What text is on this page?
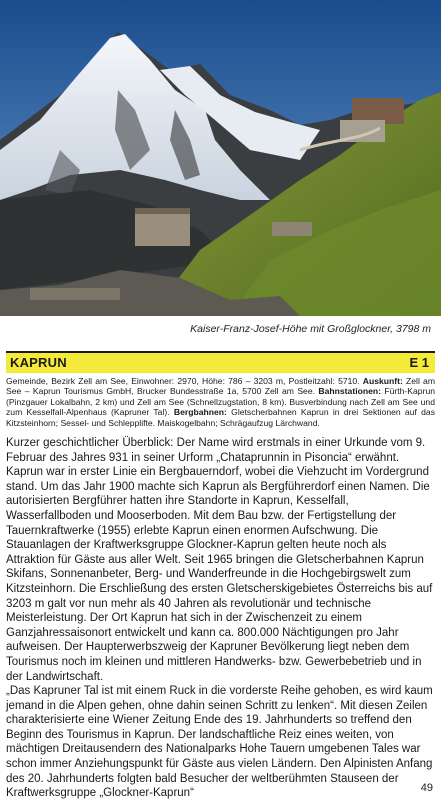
Kaiser-Franz-Josef-Höhe mit Großglockner, 3798 m
KAPRUN	E 1
Gemeinde, Bezirk Zell am See, Einwohner: 2970, Höhe: 786 – 3203 m, Postleitzahl: 5710. Auskunft: Zell am See – Kaprun Tourismus GmbH, Brucker Bundesstraße 1a, 5700 Zell am See. Bahnstationen: Fürth-Kaprun (Pinzgauer Lokalbahn, 2 km) und Zell am See (Schnellzugstation, 8 km). Busverbindung nach Zell am See und zum Kesselfall-Alpenhaus (Kapruner Tal). Bergbahnen: Gletscherbahnen Kaprun in drei Sektionen auf das Kitzsteinhorn; Sessel- und Schlepplifte. Maiskogelbahn; Schrägaufzug Lärchwand.

Kurzer geschichtlicher Überblick: Der Name wird erstmals in einer Urkunde vom 9. Februar des Jahres 931 in seiner Urform „Chataprunnin in Pisoncia“ erwähnt. Kaprun war in erster Linie ein Bergbauerndorf, wobei die Viehzucht im Vordergrund stand. Um das Jahr 1900 machte sich Kaprun als Bergführerdorf einen Namen. Die autorisierten Bergführer hatten ihre Standorte in Kaprun, Kesselfall, Wasserfallboden und Mooserboden. Mit dem Bau bzw. der Fertigstellung der Tauernkraftwerke (1955) erlebte Kaprun einen enormen Aufschwung. Die Stauanlagen der Kraftwerksgruppe Glockner-Kaprun gelten heute noch als Attraktion für Gäste aus aller Welt. Seit 1965 bringen die Gletscherbahnen Kaprun Skifans, Sonnenanbeter, Berg- und Wanderfreunde in die Hochgebirgswelt zum Kitzsteinhorn. Die Erschließung des ersten Gletscherskigebietes Österreichs bis auf 3203 m galt vor nun mehr als 40 Jahren als revolutionär und technische Meisterleistung. Der Ort Kaprun hat sich in der Zwischenzeit zu einem Ganzjahressaisonort entwickelt und kann ca. 800.000 Nächtigungen pro Jahr aufweisen. Der Haupterwerbszweig der Kapruner Bevölkerung liegt neben dem Tourismus noch im kleinen und mittleren Handwerks- bzw. Gewerbebetrieb und in der Landwirtschaft.

„Das Kapruner Tal ist mit einem Ruck in die vorderste Reihe gehoben, es wird kaum jemand in die Alpen gehen, ohne dahin seinen Schritt zu lenken“. Mit diesen Zeilen charakterisierte eine Wiener Zeitung Ende des 19. Jahrhunderts so treffend den Beginn des Tourismus in Kaprun. Der landschaftliche Reiz eines weiten, von mächtigen Dreitausendern des Nationalparks Hohe Tauern umgebenen Tales war schon immer Anziehungspunkt für Gäste aus vielen Ländern. Den Alpinisten Anfang des 20. Jahrhunderts folgten bald Besucher der weltberühmten Stauseen der Kraftwerksgruppe „Glockner-Kaprun“	49
